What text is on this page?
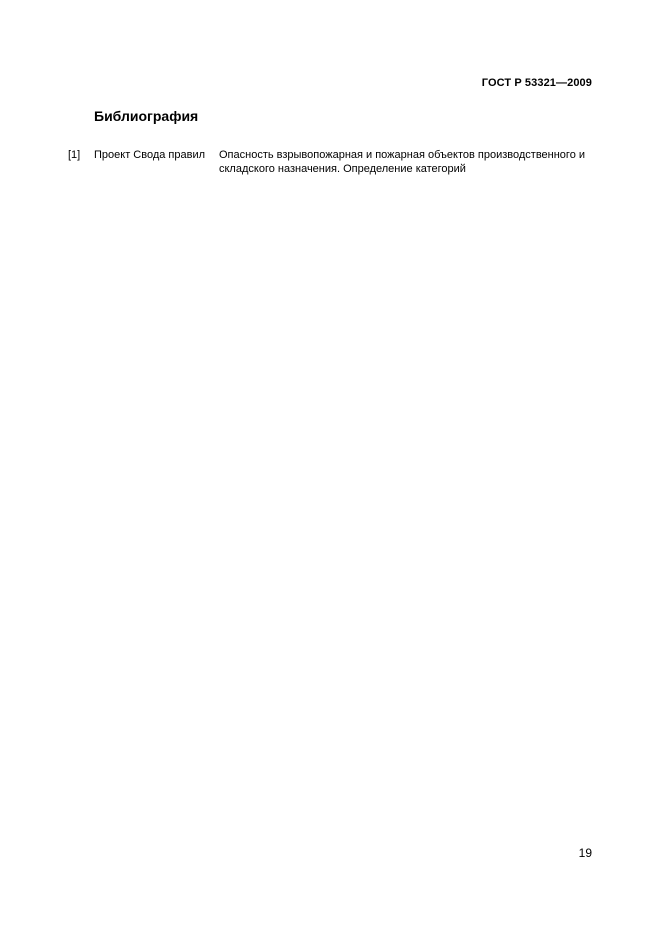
ГОСТ Р 53321—2009
Библиография
[1] Проект Свода правил Опасность взрывопожарная и пожарная объектов производственного и складского назначения. Определение категорий
19
